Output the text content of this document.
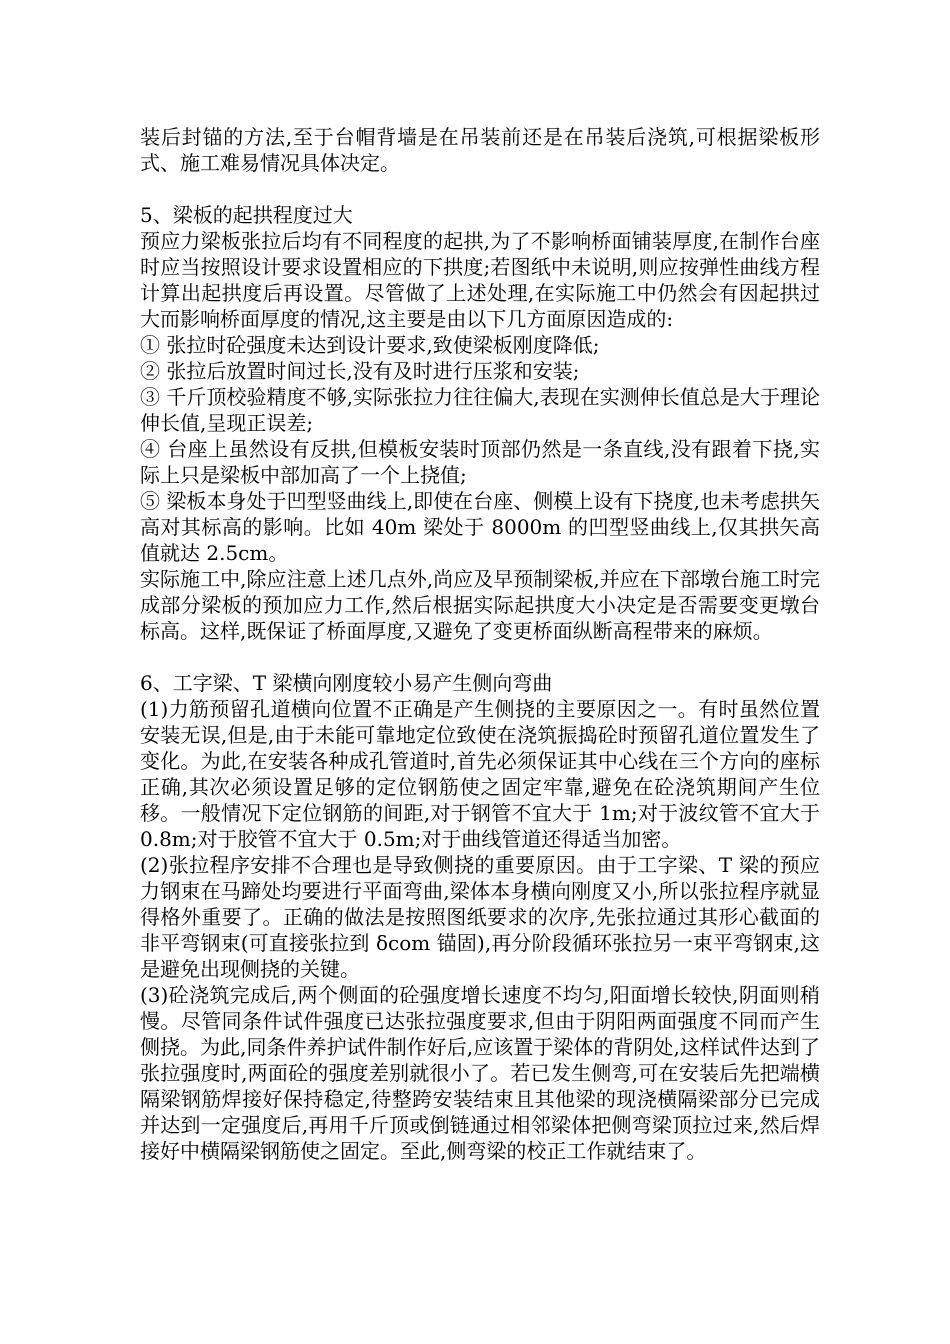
装后封锚的方法,至于台帽背墙是在吊装前还是在吊装后浇筑,可根据梁板形式、施工难易情况具体决定。

5、梁板的起拱程度过大

预应力梁板张拉后均有不同程度的起拱,为了不影响桥面铺装厚度,在制作台座时应当按照设计要求设置相应的下拱度;若图纸中未说明,则应按弹性曲线方程计算出起拱度后再设置。尽管做了上述处理,在实际施工中仍然会有因起拱过大而影响桥面厚度的情况,这主要是由以下几方面原因造成的:

① 张拉时砼强度未达到设计要求,致使梁板刚度降低;

② 张拉后放置时间过长,没有及时进行压浆和安装;

③ 千斤顶校验精度不够,实际张拉力往往偏大,表现在实测伸长值总是大于理论伸长值,呈现正误差;

④ 台座上虽然设有反拱,但模板安装时顶部仍然是一条直线,没有跟着下挠,实际上只是梁板中部加高了一个上挠值;

⑤ 梁板本身处于凹型竖曲线上,即使在台座、侧模上设有下挠度,也未考虑拱矢高对其标高的影响。比如 40m 梁处于 8000m 的凹型竖曲线上,仅其拱矢高值就达 2.5cm。

实际施工中,除应注意上述几点外,尚应及早预制梁板,并应在下部墩台施工时完成部分梁板的预加应力工作,然后根据实际起拱度大小决定是否需要变更墩台标高。这样,既保证了桥面厚度,又避免了变更桥面纵断高程带来的麻烦。

6、工字梁、T 梁横向刚度较小易产生侧向弯曲

(1)力筋预留孔道横向位置不正确是产生侧挠的主要原因之一。有时虽然位置安装无误,但是,由于未能可靠地定位致使在浇筑振捣砼时预留孔道位置发生了变化。为此,在安装各种成孔管道时,首先必须保证其中心线在三个方向的座标正确,其次必须设置足够的定位钢筋使之固定牢靠,避免在砼浇筑期间产生位移。一般情况下定位钢筋的间距,对于钢管不宜大于 1m;对于波纹管不宜大于 0.8m;对于胶管不宜大于 0.5m;对于曲线管道还得适当加密。

(2)张拉程序安排不合理也是导致侧挠的重要原因。由于工字梁、T 梁的预应力钢束在马蹄处均要进行平面弯曲,梁体本身横向刚度又小,所以张拉程序就显得格外重要了。正确的做法是按照图纸要求的次序,先张拉通过其形心截面的非平弯钢束(可直接张拉到 δcom 锚固),再分阶段循环张拉另一束平弯钢束,这是避免出现侧挠的关键。

(3)砼浇筑完成后,两个侧面的砼强度增长速度不均匀,阳面增长较快,阴面则稍慢。尽管同条件试件强度已达张拉强度要求,但由于阴阳两面强度不同而产生侧挠。为此,同条件养护试件制作好后,应该置于梁体的背阴处,这样试件达到了张拉强度时,两面砼的强度差别就很小了。若已发生侧弯,可在安装后先把端横隔梁钢筋焊接好保持稳定,待整跨安装结束且其他梁的现浇横隔梁部分已完成并达到一定强度后,再用千斤顶或倒链通过相邻梁体把侧弯梁顶拉过来,然后焊接好中横隔梁钢筋使之固定。至此,侧弯梁的校正工作就结束了。
